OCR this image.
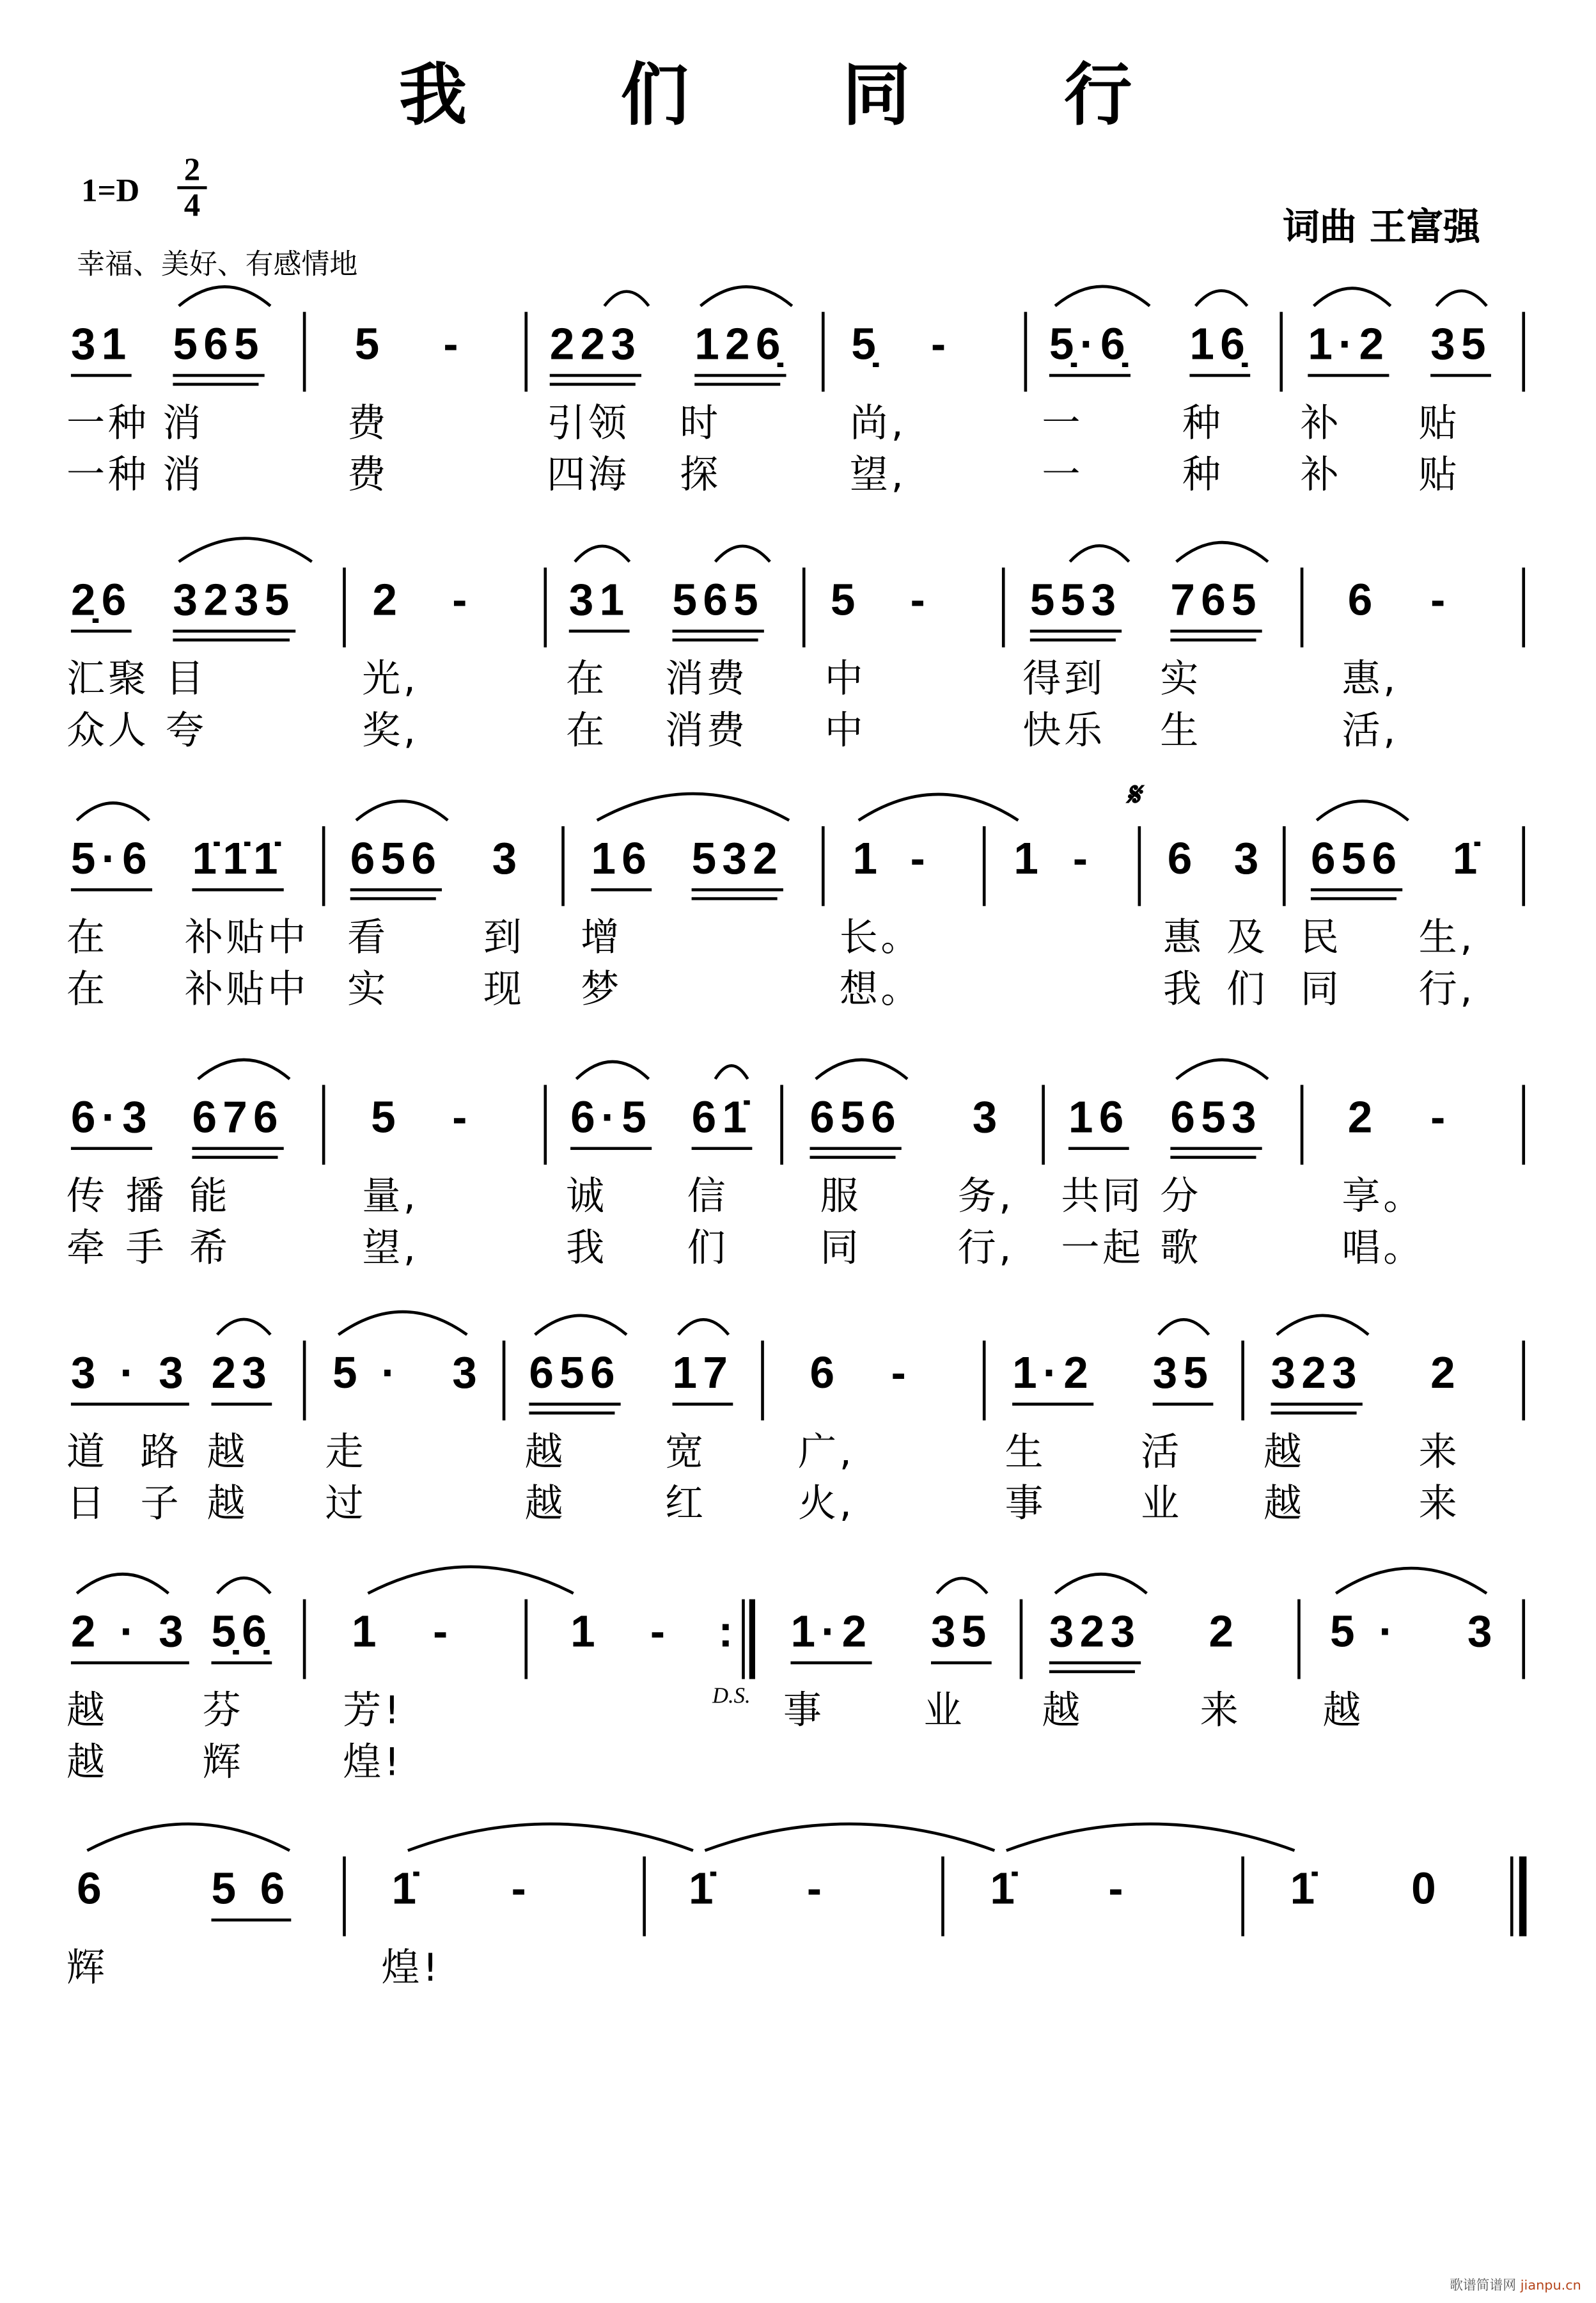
我 们 同 行
1=D
2
4
幸福、美好、有感情地
词曲 王富强
𝄋
D.S.
31 565	5	-	223	126̣	5̣	-	5̣·6̣	16̣	1·2 35
一种 消	费	引领	时	尚,	一	种	补	贴
一种 消	费	四海	探	望,	一	种	补	贴
2̣6 3235	2	-	31 565	5	-	553	765	6	-
汇聚 目	光,	在	消费	中	得到	实	惠,
众人 夸	奖,	在	消费	中	快乐	生	活,
5·6 1̇1̇1̇	656	3	16 532	1 -	1 -	6 3 656	1̇
在	补贴中 看	到	增	长。	惠 及 民	生,
在	补贴中 实	现	梦	想。	我 们 同	行,
6·3 676	5	-	6·5 61̇	656	3	16 653	2	-
传 播 能	量,	诚	信	服	务,	共同 分	享。
牵 手 希	望,	我	们	同	行,	一起 歌	唱。
3 · 3 23	5 ·	3 656	17	6	-	1·2	35	323	2
道 路 越	走	越	宽	广,	生	活	越	来
日 子 越	过	越	红	火,	事	业	越	来
2 · 3 5̣6̣	1	-	1	-	1·2	35	323	2	5 ·	3
:
越	芬	芳!	事	业	越	来	越
越	辉	煌!
6	5 6	1̇	-	1̇	-	1̇	-	1̇	0
辉	煌!
歌谱简谱网 jianpu.cn
